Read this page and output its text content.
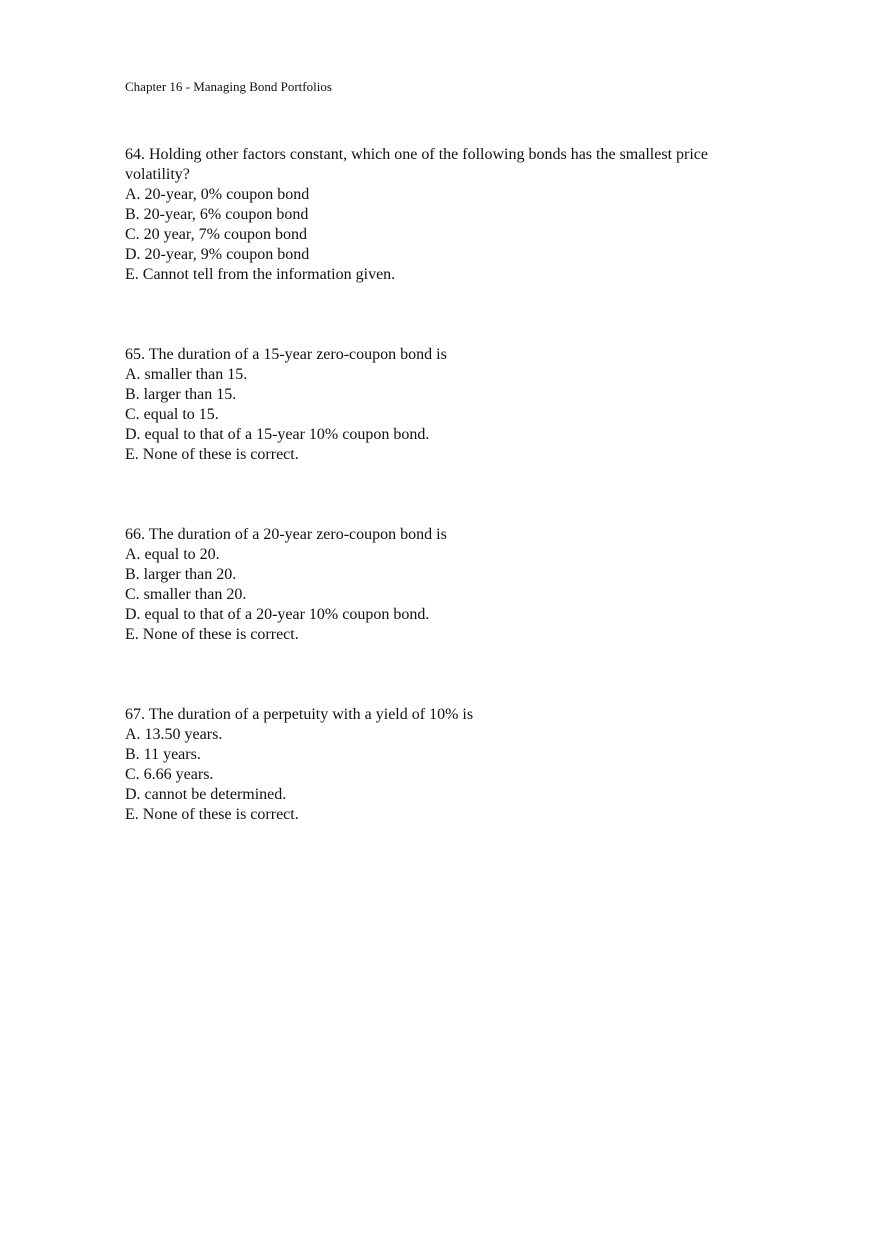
Chapter 16 - Managing Bond Portfolios

64. Holding other factors constant, which one of the following bonds has the smallest price volatility?

A. 20-year, 0% coupon bond
B. 20-year, 6% coupon bond
C. 20 year, 7% coupon bond
D. 20-year, 9% coupon bond
E. Cannot tell from the information given.

65. The duration of a 15-year zero-coupon bond is

A. smaller than 15.
B. larger than 15.
C. equal to 15.
D. equal to that of a 15-year 10% coupon bond.
E. None of these is correct.

66. The duration of a 20-year zero-coupon bond is

A. equal to 20.
B. larger than 20.
C. smaller than 20.
D. equal to that of a 20-year 10% coupon bond.
E. None of these is correct.

67. The duration of a perpetuity with a yield of 10% is

A. 13.50 years.
B. 11 years.
C. 6.66 years.
D. cannot be determined.
E. None of these is correct.
